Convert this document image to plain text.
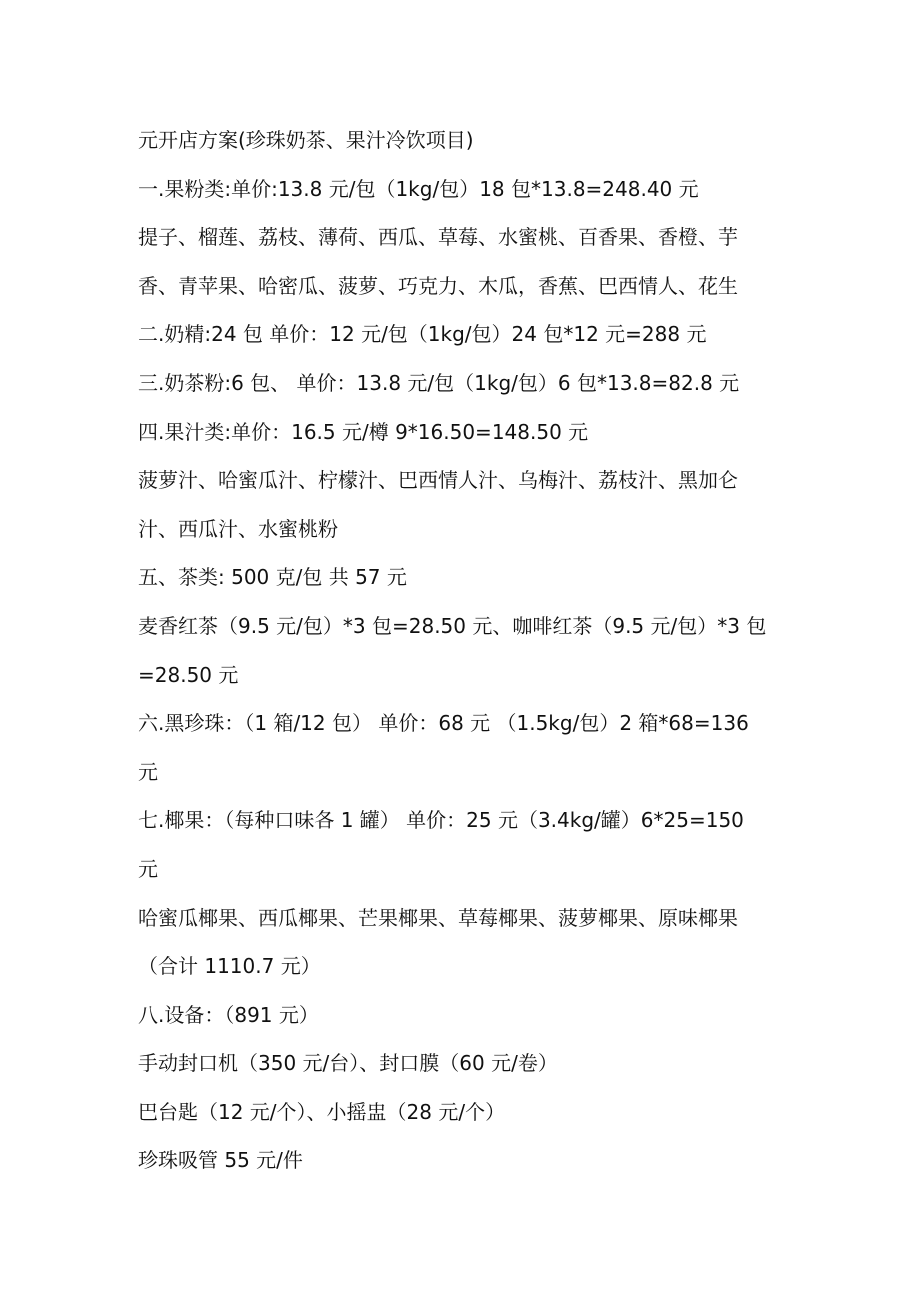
元开店方案(珍珠奶茶、果汁冷饮项目)
一.果粉类:单价:13.8 元/包（1kg/包）18 包*13.8=248.40 元
提子、榴莲、荔枝、薄荷、西瓜、草莓、水蜜桃、百香果、香橙、芋
香、青苹果、哈密瓜、菠萝、巧克力、木瓜，香蕉、巴西情人、花生
二.奶精:24 包 单价：12 元/包（1kg/包）24 包*12 元=288 元
三.奶茶粉:6 包、 单价：13.8 元/包（1kg/包）6 包*13.8=82.8 元
四.果汁类:单价：16.5 元/樽 9*16.50=148.50 元
菠萝汁、哈蜜瓜汁、柠檬汁、巴西情人汁、乌梅汁、荔枝汁、黑加仑
汁、西瓜汁、水蜜桃粉
五、茶类: 500 克/包 共 57 元
麦香红茶（9.5 元/包）*3 包=28.50 元、咖啡红茶（9.5 元/包）*3 包
=28.50 元
六.黑珍珠：（1 箱/12 包） 单价：68 元 （1.5kg/包）2 箱*68=136
元
七.椰果：（每种口味各 1 罐） 单价：25 元（3.4kg/罐）6*25=150
元
哈蜜瓜椰果、西瓜椰果、芒果椰果、草莓椰果、菠萝椰果、原味椰果
（合计 1110.7 元）
八.设备：（891 元）
手动封口机（350 元/台）、封口膜（60 元/卷）
巴台匙（12 元/个）、小摇盅（28 元/个）
珍珠吸管 55 元/件
